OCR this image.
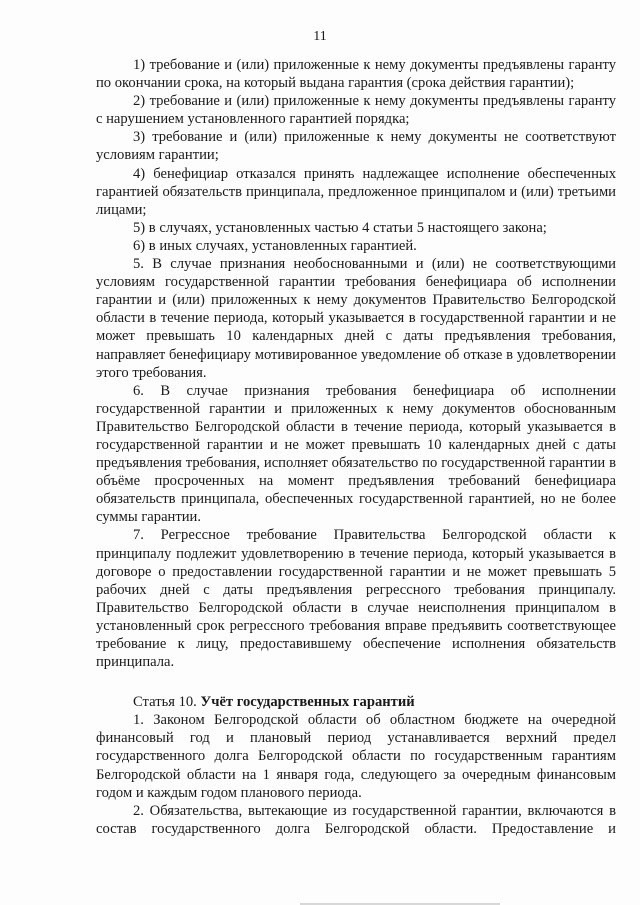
11

1) требование и (или) приложенные к нему документы предъявлены гаранту по окончании срока, на который выдана гарантия (срока действия гарантии);

2) требование и (или) приложенные к нему документы предъявлены гаранту с нарушением установленного гарантией порядка;

3) требование и (или) приложенные к нему документы не соответствуют условиям гарантии;

4) бенефициар отказался принять надлежащее исполнение обеспеченных гарантией обязательств принципала, предложенное принципалом и (или) третьими лицами;

5) в случаях, установленных частью 4 статьи 5 настоящего закона;

6) в иных случаях, установленных гарантией.

5. В случае признания необоснованными и (или) не соответствующими условиям государственной гарантии требования бенефициара об исполнении гарантии и (или) приложенных к нему документов Правительство Белгородской области в течение периода, который указывается в государственной гарантии и не может превышать 10 календарных дней с даты предъявления требования, направляет бенефициару мотивированное уведомление об отказе в удовлетворении этого требования.

6. В случае признания требования бенефициара об исполнении государственной гарантии и приложенных к нему документов обоснованным Правительство Белгородской области в течение периода, который указывается в государственной гарантии и не может превышать 10 календарных дней с даты предъявления требования, исполняет обязательство по государственной гарантии в объёме просроченных на момент предъявления требований бенефициара обязательств принципала, обеспеченных государственной гарантией, но не более суммы гарантии.

7. Регрессное требование Правительства Белгородской области к принципалу подлежит удовлетворению в течение периода, который указывается в договоре о предоставлении государственной гарантии и не может превышать 5 рабочих дней с даты предъявления регрессного требования принципалу. Правительство Белгородской области в случае неисполнения принципалом в установленный срок регрессного требования вправе предъявить соответствующее требование к лицу, предоставившему обеспечение исполнения обязательств принципала.

Статья 10. Учёт государственных гарантий

1. Законом Белгородской области об областном бюджете на очередной финансовый год и плановый период устанавливается верхний предел государственного долга Белгородской области по государственным гарантиям Белгородской области на 1 января года, следующего за очередным финансовым годом и каждым годом планового периода.

2. Обязательства, вытекающие из государственной гарантии, включаются в состав государственного долга Белгородской области. Предоставление и
